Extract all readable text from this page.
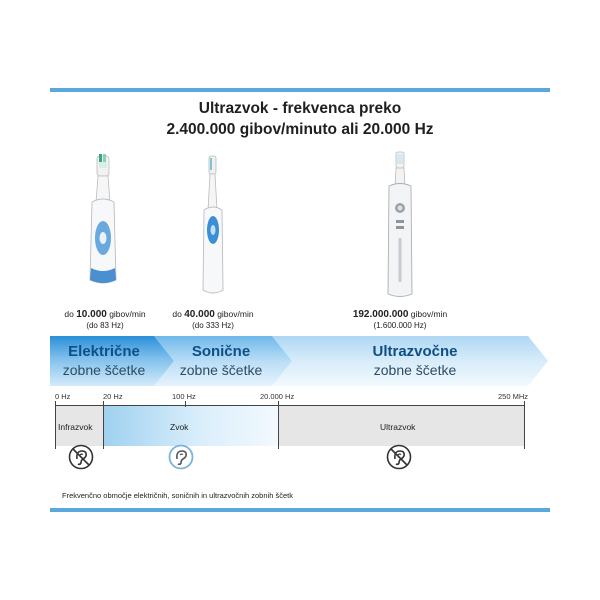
Ultrazvok - frekvenca preko
2.400.000 gibov/minuto ali 20.000 Hz
do 10.000 gibov/min
(do 83 Hz)
do 40.000 gibov/min
(do 333 Hz)
192.000.000 gibov/min
(1.600.000 Hz)
Električne
zobne ščetke
Sonične
zobne ščetke
Ultrazvočne
zobne ščetke
0 Hz	20 Hz	100 Hz	20.000 Hz	250 MHz
Infrazvok	Zvok	Ultrazvok
Frekvenčno območje električnih, soničnih in ultrazvočnih zobnih ščetk
